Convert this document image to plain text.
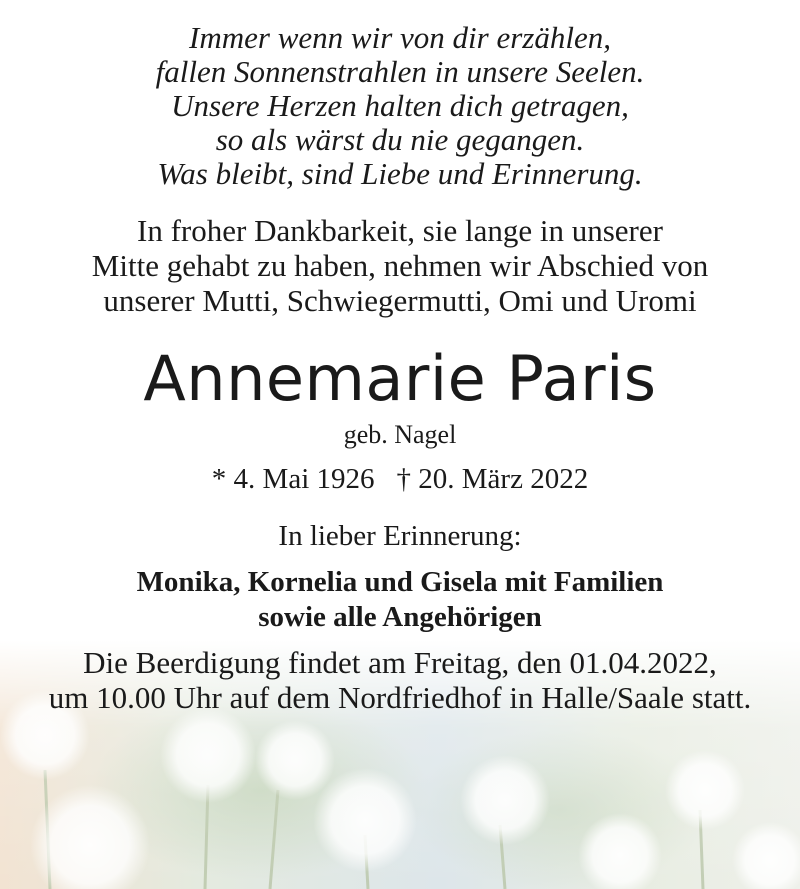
Immer wenn wir von dir erzählen,
fallen Sonnenstrahlen in unsere Seelen.
Unsere Herzen halten dich getragen,
so als wärst du nie gegangen.
Was bleibt, sind Liebe und Erinnerung.
In froher Dankbarkeit, sie lange in unserer
Mitte gehabt zu haben, nehmen wir Abschied von
unserer Mutti, Schwiegermutti, Omi und Uromi
Annemarie Paris
geb. Nagel
* 4. Mai 1926 † 20. März 2022
In lieber Erinnerung:
Monika, Kornelia und Gisela mit Familien
sowie alle Angehörigen
Die Beerdigung findet am Freitag, den 01.04.2022,
um 10.00 Uhr auf dem Nordfriedhof in Halle/Saale statt.
